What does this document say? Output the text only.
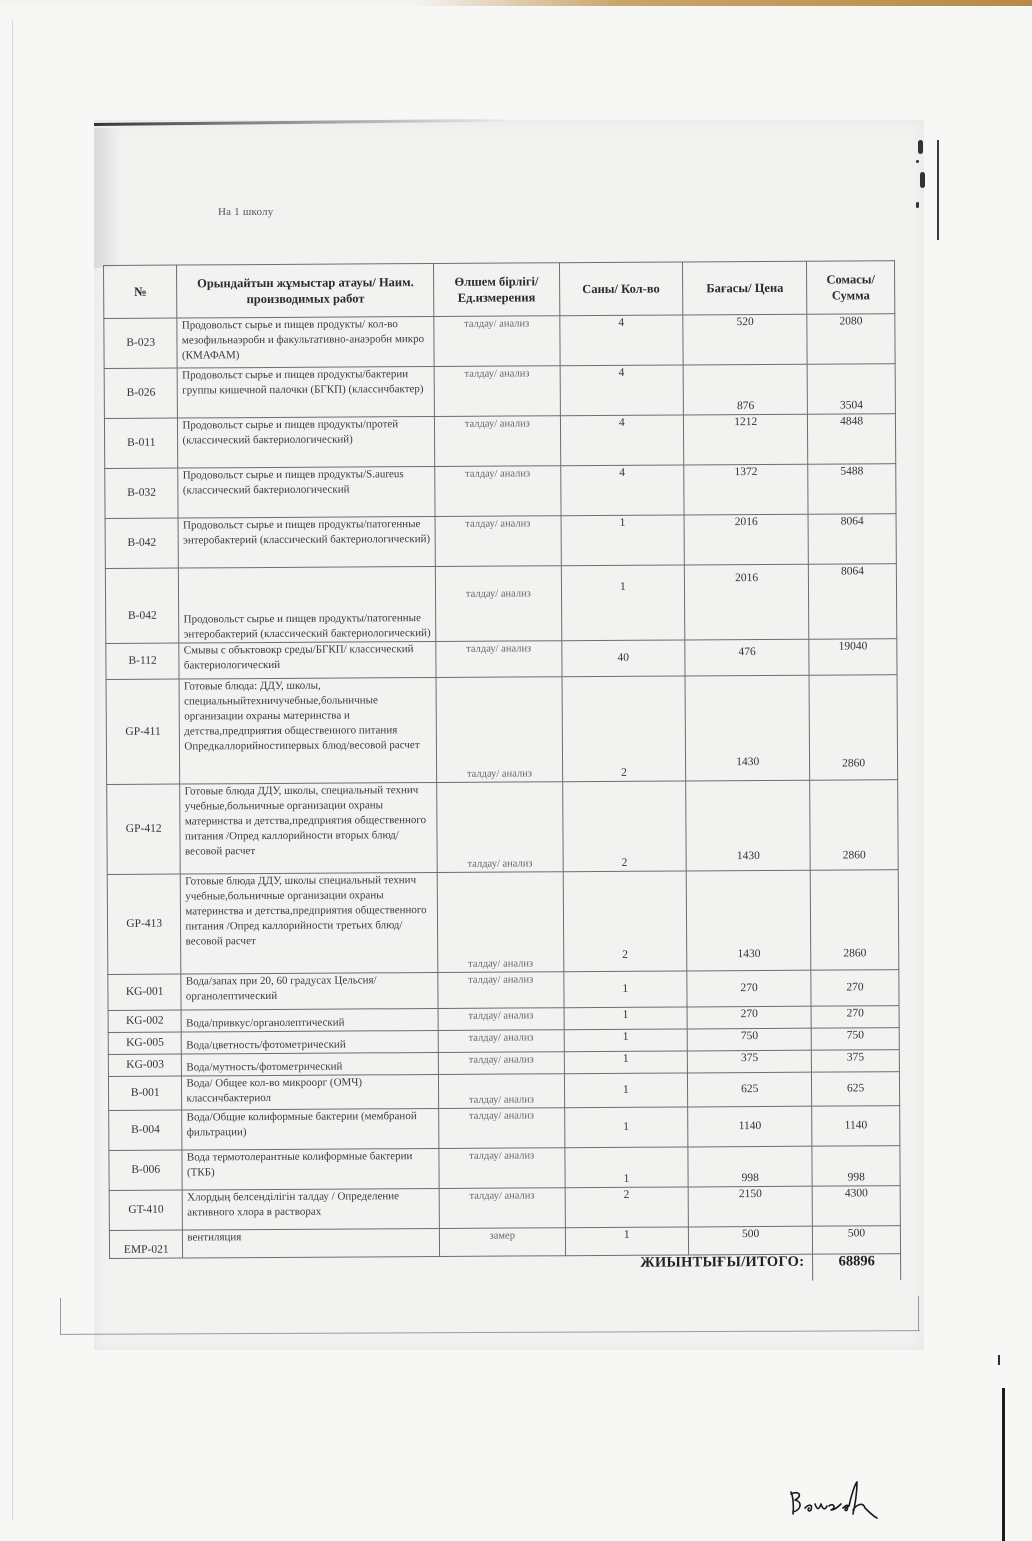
На 1 школу
№	Орындайтын жұмыстар атауы/ Наим. производимых работ	Өлшем бірлігі/ Ед.измерения	Саны/ Кол-во	Бағасы/ Цена	Сомасы/ Сумма
B-023	Продовольст сырье и пищев продукты/ кол-во мезофильнаэробн и факультативно-анаэробн микро (КМАФАМ)	талдау/ анализ	4	520	2080
B-026	Продовольст сырье и пищев продукты/бактерии группы кишечной палочки (БГКП) (классичбактер)	талдау/ анализ	4	876	3504
B-011	Продовольст сырье и пищев продукты/протей (классический бактериологический)	талдау/ анализ	4	1212	4848
B-032	Продовольст сырье и пищев продукты/S.aureus (классический бактериологический	талдау/ анализ	4	1372	5488
B-042	Продовольст сырье и пищев продукты/патогенные энтеробактерий (классический бактериологический)	талдау/ анализ	1	2016	8064
B-042	Продовольст сырье и пищев продукты/патогенные энтеробактерий (классический бактериологический)	талдау/ анализ	1	2016	8064
B-112	Смывы с объктовокр среды/БГКП/ классический бактериологический	талдау/ анализ	40	476	19040
GP-411	Готовые блюда: ДДУ, школы, специальныйтехничучебные,больничные организации охраны материнства и детства,предприятия общественного питания Опредкаллорийностипервых блюд/весовой расчет	талдау/ анализ	2	1430	2860
GP-412	Готовые блюда ДДУ, школы, специальный технич учебные,больничные организации охраны материнства и детства,предприятия общественного питания /Опред каллорийности вторых блюд/весовой расчет	талдау/ анализ	2	1430	2860
GP-413	Готовые блюда ДДУ, школы специальный технич учебные,больничные организации охраны материнства и детства,предприятия общественного питания /Опред каллорийности третьих блюд/весовой расчет	талдау/ анализ	2	1430	2860
KG-001	Вода/запах при 20, 60 градусах Цельсия/органолептический	талдау/ анализ	1	270	270
KG-002	Вода/привкус/органолептический	талдау/ анализ	1	270	270
KG-005	Вода/цветность/фотометрический	талдау/ анализ	1	750	750
KG-003	Вода/мутность/фотометрический	талдау/ анализ	1	375	375
B-001	Вода/ Общее кол-во микроорг (ОМЧ) классичбактериол	талдау/ анализ	1	625	625
B-004	Вода/Общие колиформные бактерии (мембраной фильтрации)	талдау/ анализ	1	1140	1140
B-006	Вода термотолерантные колиформные бактерии (ТКБ)	талдау/ анализ	1	998	998
GT-410	Хлордың белсенділігін талдау / Определение активного хлора в растворах	талдау/ анализ	2	2150	4300
EMP-021	вентиляция	замер	1	500	500
ЖИЫНТЫҒЫ/ИТОГО:					68896
